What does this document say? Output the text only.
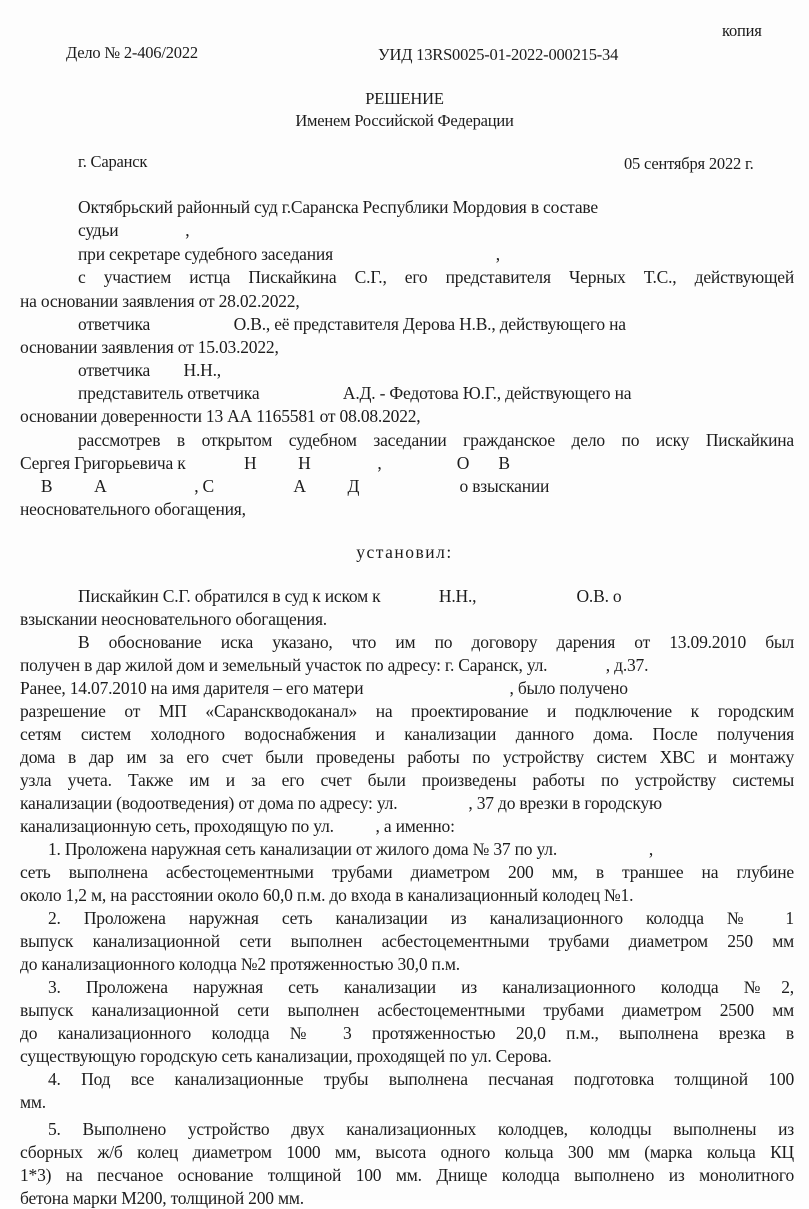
копия
Дело № 2-406/2022	УИД 13RS0025-01-2022-000215-34
РЕШЕНИЕ
Именем Российской Федерации
г. Саранск	05 сентября 2022 г.
Октябрьский районный суд г.Саранска Республики Мордовия в составе
судьи                ,
при секретаре судебного заседания                                       ,
с участием истца Пискайкина С.Г., его представителя Черных Т.С., действующей
на основании заявления от 28.02.2022,
ответчика                    О.В., её представителя Дерова Н.В., действующего на
основании заявления от 15.03.2022,
ответчика        Н.Н.,
представитель ответчика                    А.Д. - Федотова Ю.Г., действующего на
основании доверенности 13 АА 1165581 от 08.08.2022,
рассмотрев в открытом судебном заседании гражданское дело по иску Пискайкина
Сергея Григорьевича к              Н          Н                ,                  О       В
В          А                     , С                   А          Д                        о взыскании
неосновательного обогащения,
установил:
Пискайкин С.Г. обратился в суд к иском к              Н.Н.,                        О.В. о
взыскании неосновательного обогащения.
В обоснование иска указано, что им по договору дарения от 13.09.2010 был
получен в дар жилой дом и земельный участок по адресу: г. Саранск, ул.              , д.37.
Ранее, 14.07.2010 на имя дарителя – его матери                                   , было получено
разрешение от МП «Саранскводоканал» на проектирование и подключение к городским
сетям систем холодного водоснабжения и канализации данного дома. После получения
дома в дар им за его счет были проведены работы по устройству систем ХВС и монтажу
узла учета. Также им и за его счет были произведены работы по устройству системы
канализации (водоотведения) от дома по адресу: ул.                 , 37 до врезки в городскую
канализационную сеть, проходящую по ул.          , а именно:
1. Проложена наружная сеть канализации от жилого дома № 37 по ул.                      ,
сеть выполнена асбестоцементными трубами диаметром 200 мм, в траншее на глубине
около 1,2 м, на расстоянии около 60,0 п.м. до входа в канализационный колодец №1.
2. Проложена наружная сеть канализации из канализационного колодца № 1
выпуск канализационной сети выполнен асбестоцементными трубами диаметром 250 мм
до канализационного колодца №2 протяженностью 30,0 п.м.
3. Проложена наружная сеть канализации из канализационного колодца №2,
выпуск канализационной сети выполнен асбестоцементными трубами диаметром 2500 мм
до канализационного колодца № 3 протяженностью 20,0 п.м., выполнена врезка в
существующую городскую сеть канализации, проходящей по ул. Серова.
4. Под все канализационные трубы выполнена песчаная подготовка толщиной 100
мм.
5. Выполнено устройство двух канализационных колодцев, колодцы выполнены из
сборных ж/б колец диаметром 1000 мм, высота одного кольца 300 мм (марка кольца КЦ
1*3) на песчаное основание толщиной 100 мм. Днище колодца выполнено из монолитного
бетона марки М200, толщиной 200 мм.
